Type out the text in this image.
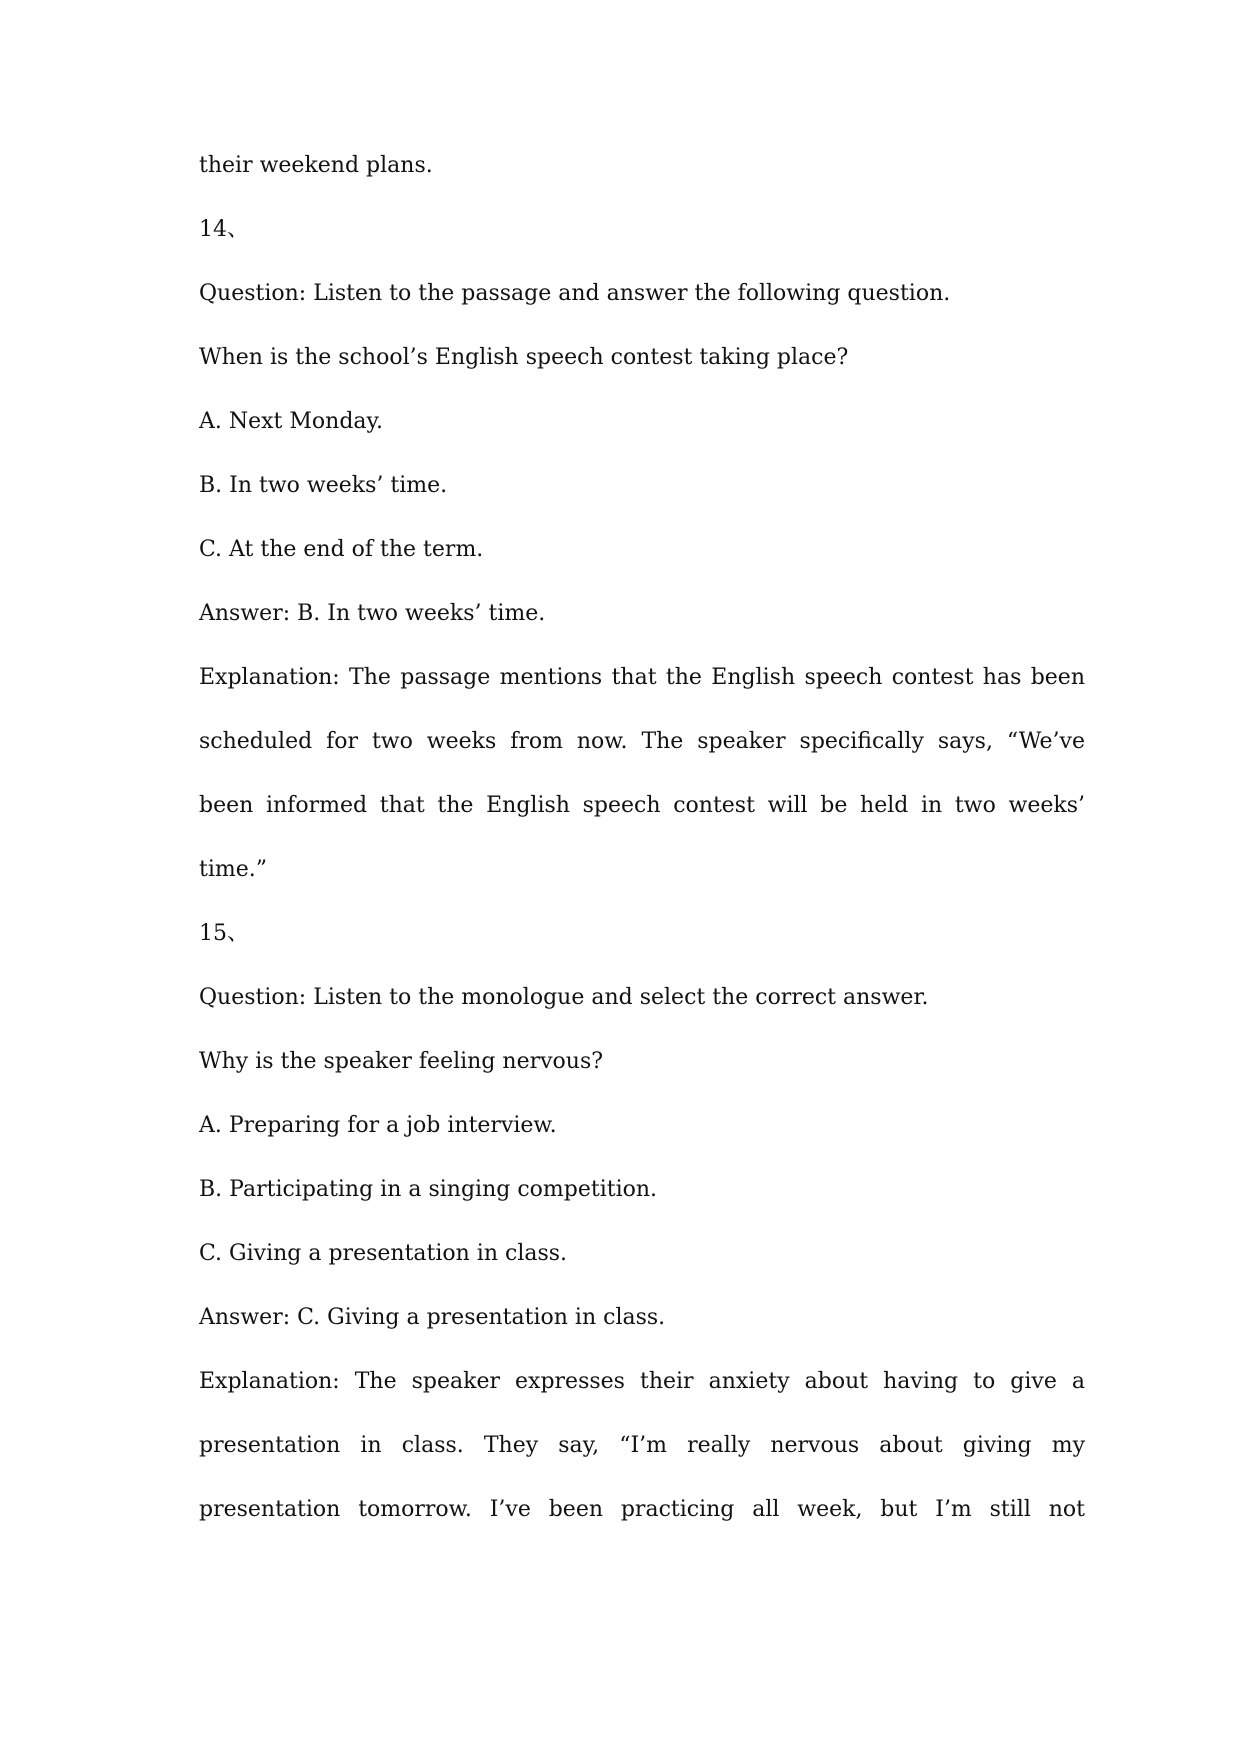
their weekend plans.

14、

Question: Listen to the passage and answer the following question.

When is the school’s English speech contest taking place?

A. Next Monday.

B. In two weeks’ time.

C. At the end of the term.

Answer: B. In two weeks’ time.

Explanation: The passage mentions that the English speech contest has been

scheduled for two weeks from now. The speaker specifically says, “We’ve

been informed that the English speech contest will be held in two weeks’

time.”

15、

Question: Listen to the monologue and select the correct answer.

Why is the speaker feeling nervous?

A. Preparing for a job interview.

B. Participating in a singing competition.

C. Giving a presentation in class.

Answer: C. Giving a presentation in class.

Explanation: The speaker expresses their anxiety about having to give a

presentation in class. They say, “I’m really nervous about giving my

presentation tomorrow. I’ve been practicing all week, but I’m still not
